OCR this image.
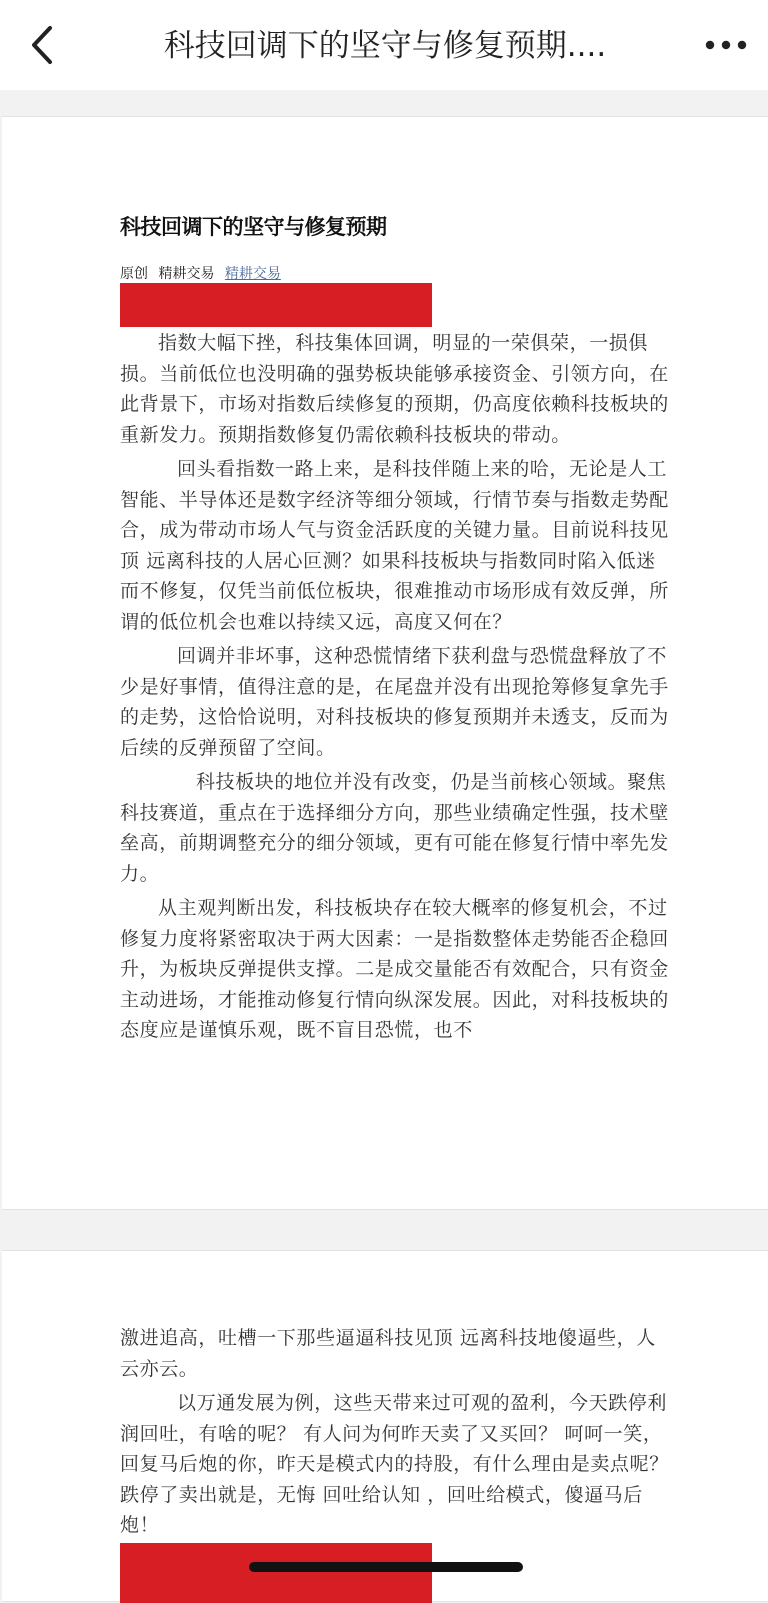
科技回调下的坚守与修复预期....
科技回调下的坚守与修复预期
原创 精耕交易 精耕交易

指数大幅下挫，科技集体回调，明显的一荣俱荣，一损俱损。当前低位也没明确的强势板块能够承接资金、引领方向，在此背景下，市场对指数后续修复的预期，仍高度依赖科技板块的重新发力。预期指数修复仍需依赖科技板块的带动。

回头看指数一路上来，是科技伴随上来的哈，无论是人工智能、半导体还是数字经济等细分领域，行情节奏与指数走势配合，成为带动市场人气与资金活跃度的关键力量。目前说科技见顶 远离科技的人居心叵测？如果科技板块与指数同时陷入低迷而不修复，仅凭当前低位板块，很难推动市场形成有效反弹，所谓的低位机会也难以持续又远，高度又何在？

回调并非坏事，这种恐慌情绪下获利盘与恐慌盘释放了不少是好事情，值得注意的是，在尾盘并没有出现抢筹修复拿先手的走势，这恰恰说明，对科技板块的修复预期并未透支，反而为后续的反弹预留了空间。

科技板块的地位并没有改变，仍是当前核心领域。聚焦科技赛道，重点在于选择细分方向，那些业绩确定性强，技术壁垒高，前期调整充分的细分领域，更有可能在修复行情中率先发力。

从主观判断出发，科技板块存在较大概率的修复机会，不过修复力度将紧密取决于两大因素：一是指数整体走势能否企稳回升，为板块反弹提供支撑。二是成交量能否有效配合，只有资金主动进场，才能推动修复行情向纵深发展。因此，对科技板块的态度应是谨慎乐观，既不盲目恐慌，也不

激进追高，吐槽一下那些逼逼科技见顶 远离科技地傻逼些，人云亦云。

以万通发展为例，这些天带来过可观的盈利，今天跌停利润回吐，有啥的呢？ 有人问为何昨天卖了又买回？ 呵呵一笑，回复马后炮的你，昨天是模式内的持股，有什么理由是卖点呢？跌停了卖出就是，无悔 回吐给认知 ，回吐给模式，傻逼马后炮！
